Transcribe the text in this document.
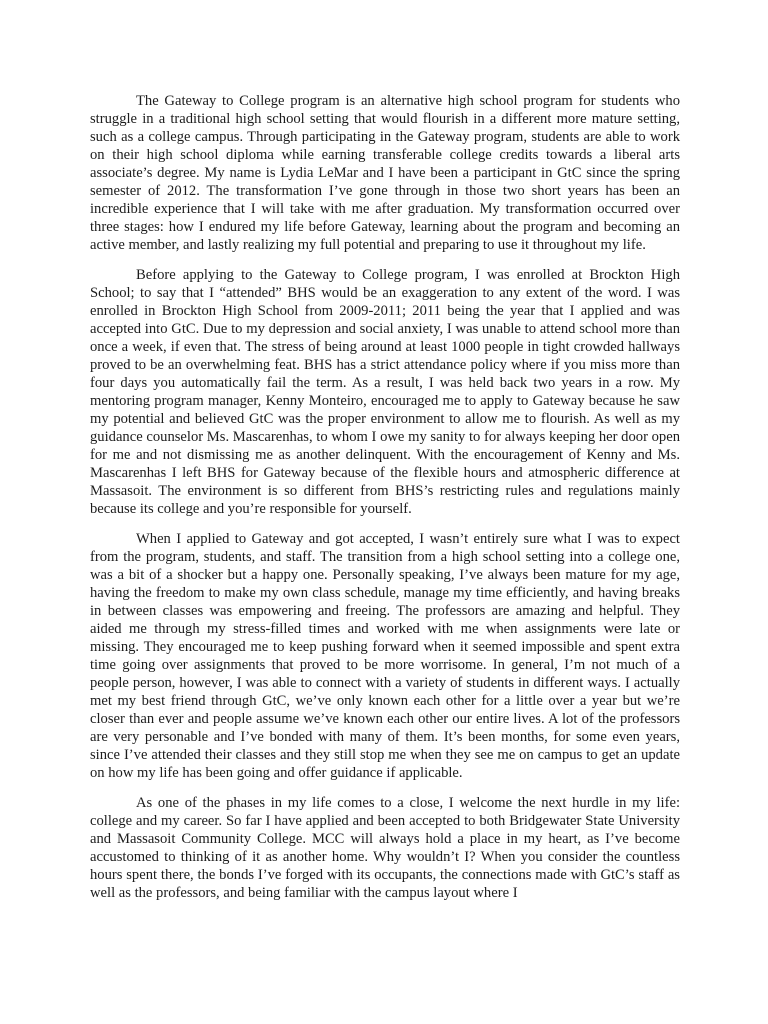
The Gateway to College program is an alternative high school program for students who struggle in a traditional high school setting that would flourish in a different more mature setting, such as a college campus. Through participating in the Gateway program, students are able to work on their high school diploma while earning transferable college credits towards a liberal arts associate’s degree. My name is Lydia LeMar and I have been a participant in GtC since the spring semester of 2012. The transformation I’ve gone through in those two short years has been an incredible experience that I will take with me after graduation. My transformation occurred over three stages: how I endured my life before Gateway, learning about the program and becoming an active member, and lastly realizing my full potential and preparing to use it throughout my life.

Before applying to the Gateway to College program, I was enrolled at Brockton High School; to say that I “attended” BHS would be an exaggeration to any extent of the word. I was enrolled in Brockton High School from 2009-2011; 2011 being the year that I applied and was accepted into GtC. Due to my depression and social anxiety, I was unable to attend school more than once a week, if even that. The stress of being around at least 1000 people in tight crowded hallways proved to be an overwhelming feat. BHS has a strict attendance policy where if you miss more than four days you automatically fail the term. As a result, I was held back two years in a row. My mentoring program manager, Kenny Monteiro, encouraged me to apply to Gateway because he saw my potential and believed GtC was the proper environment to allow me to flourish. As well as my guidance counselor Ms. Mascarenhas, to whom I owe my sanity to for always keeping her door open for me and not dismissing me as another delinquent. With the encouragement of Kenny and Ms. Mascarenhas I left BHS for Gateway because of the flexible hours and atmospheric difference at Massasoit. The environment is so different from BHS’s restricting rules and regulations mainly because its college and you’re responsible for yourself.

When I applied to Gateway and got accepted, I wasn’t entirely sure what I was to expect from the program, students, and staff. The transition from a high school setting into a college one, was a bit of a shocker but a happy one. Personally speaking, I’ve always been mature for my age, having the freedom to make my own class schedule, manage my time efficiently, and having breaks in between classes was empowering and freeing. The professors are amazing and helpful. They aided me through my stress-filled times and worked with me when assignments were late or missing. They encouraged me to keep pushing forward when it seemed impossible and spent extra time going over assignments that proved to be more worrisome. In general, I’m not much of a people person, however, I was able to connect with a variety of students in different ways. I actually met my best friend through GtC, we’ve only known each other for a little over a year but we’re closer than ever and people assume we’ve known each other our entire lives. A lot of the professors are very personable and I’ve bonded with many of them. It’s been months, for some even years, since I’ve attended their classes and they still stop me when they see me on campus to get an update on how my life has been going and offer guidance if applicable.

As one of the phases in my life comes to a close, I welcome the next hurdle in my life: college and my career. So far I have applied and been accepted to both Bridgewater State University and Massasoit Community College. MCC will always hold a place in my heart, as I’ve become accustomed to thinking of it as another home. Why wouldn’t I? When you consider the countless hours spent there, the bonds I’ve forged with its occupants, the connections made with GtC’s staff as well as the professors, and being familiar with the campus layout where I
